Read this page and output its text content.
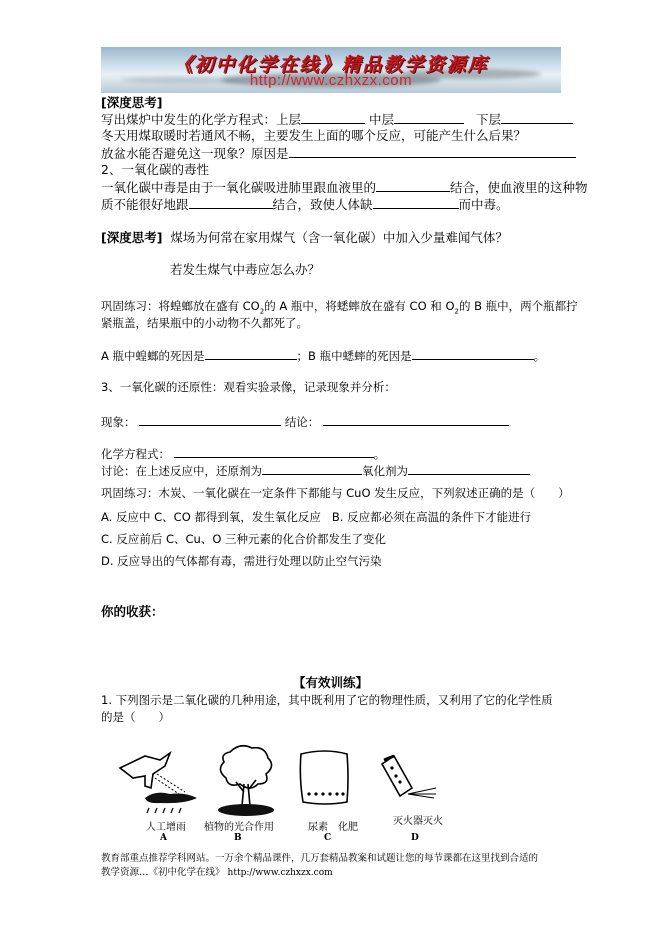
《初中化学在线》精品教学资源库
http://www.czhxzx.com
[深度思考]
写出煤炉中发生的化学方程式：上层	中层	下层
冬天用煤取暖时若通风不畅，主要发生上面的哪个反应，可能产生什么后果？
放盆水能否避免这一现象？原因是
2、一氧化碳的毒性
一氧化碳中毒是由于一氧化碳吸进肺里跟血液里的	结合，使血液里的这种物
质不能很好地跟	结合，致使人体缺	而中毒。
[深度思考] 煤场为何常在家用煤气（含一氧化碳）中加入少量难闻气体？
若发生煤气中毒应怎么办？
巩固练习：将蝗螂放在盛有 $CO_2$的 A 瓶中，将蟋蟀放在盛有 CO 和 $O_2$的 B 瓶中，两个瓶都拧
紧瓶盖，结果瓶中的小动物不久都死了。
A 瓶中蝗螂的死因是	；B 瓶中蟋蟀的死因是	。
3、一氧化碳的还原性：观看实验录像，记录现象并分析：
现象：	结论：
化学方程式：	。
讨论：在上述反应中，还原剂为	氧化剂为
巩固练习：木炭、一氧化碳在一定条件下都能与 CuO 发生反应，下列叙述正确的是（　　）
A. 反应中 C、CO 都得到氧，发生氧化反应 B. 反应都必须在高温的条件下才能进行
C. 反应前后 C、Cu、O 三种元素的化合价都发生了变化
D. 反应导出的气体都有毒，需进行处理以防止空气污染
你的收获：
【有效训练】
1. 下列图示是二氧化碳的几种用途，其中既利用了它的物理性质，又利用了它的化学性质
的是（　　）
人工增雨
A
植物的光合作用
B
尿素　化肥
C
灭火器灭火
D
教育部重点推荐学科网站。一万余个精品课件，几万套精品教案和试题让您的每节课都在这里找到合适的
教学资源…《初中化学在线》 http://www.czhxzx.com
